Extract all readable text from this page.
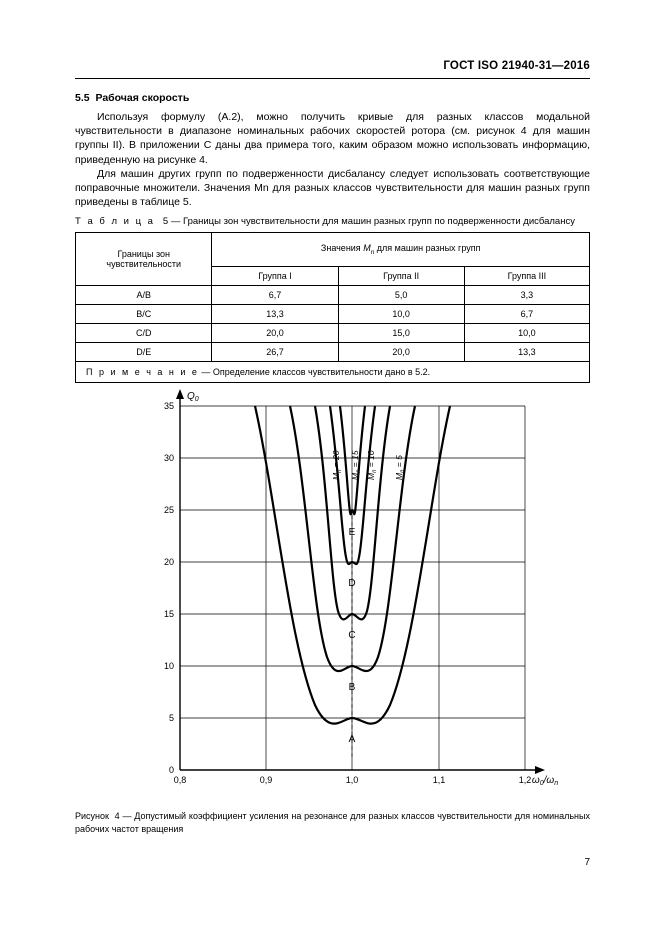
ГОСТ ISO 21940-31—2016
5.5 Рабочая скорость
Используя формулу (A.2), можно получить кривые для разных классов модальной чувствительности в диапазоне номинальных рабочих скоростей ротора (см. рисунок 4 для машин группы II). В приложении С даны два примера того, каким образом можно использовать информацию, приведенную на рисунке 4.
Для машин других групп по подверженности дисбалансу следует использовать соответствующие поправочные множители. Значения Mn для разных классов чувствительности для машин разных групп приведены в таблице 5.
Т а б л и ц а 5 — Границы зон чувствительности для машин разных групп по подверженности дисбалансу
Границы зон
чувствительности	Значения $M_n$ для машин разных групп		
	Группа I	Группа II	Группа III
A/B	6,7	5,0	3,3
B/C	13,3	10,0	6,7
C/D	20,0	15,0	10,0
D/E	26,7	20,0	13,3
П р и м е ч а н и е — Определение классов чувствительности дано в 5.2.			
A
B
C
D
E
$M_n = 20$
$M_n = 15$
$M_n = 10$
$M_n = 5$
0
5
10
15
20
25
30
35
0,8	0,9	1,0	1,1	1,2
$Q_0$
$\omega_0/\omega_n$
Рисунок 4 — Допустимый коэффициент усиления на резонансе для разных классов чувствительности для номинальных рабочих частот вращения
7
